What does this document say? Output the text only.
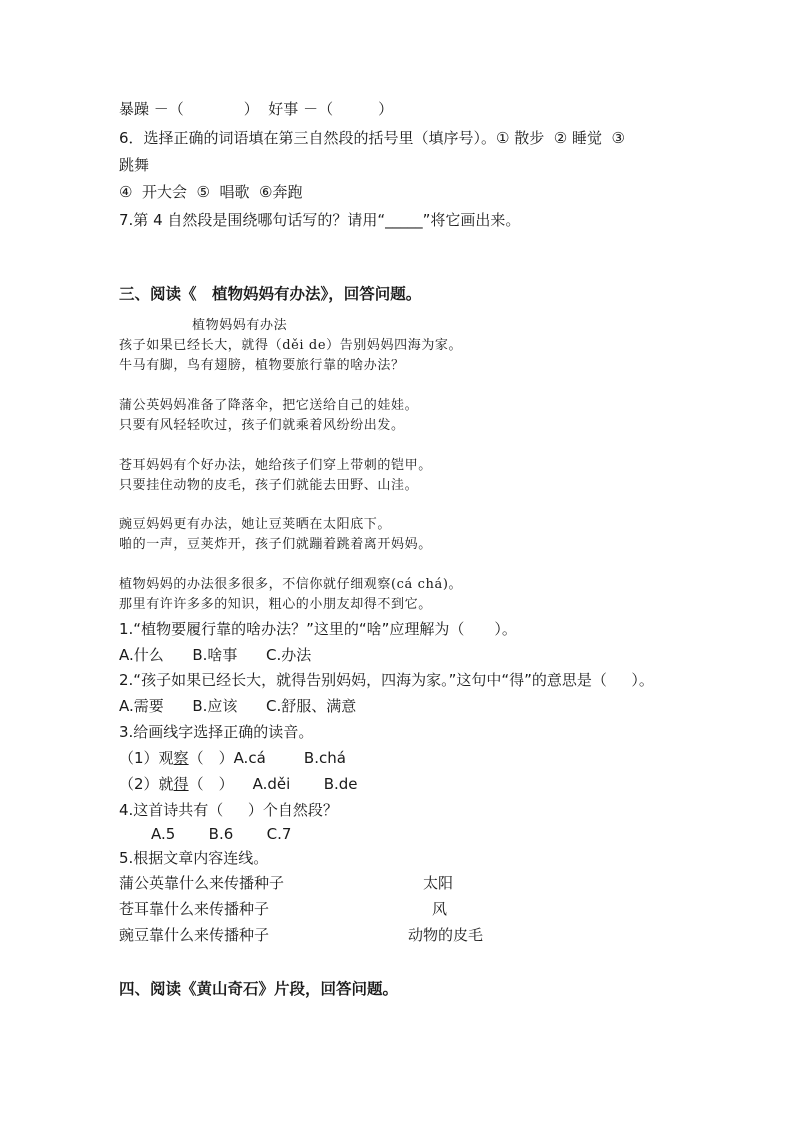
暴躁 －（　　　　）  好事 －（　　　）
6．选择正确的词语填在第三自然段的括号里（填序号）。① 散步  ② 睡觉  ③
跳舞
④  开大会  ⑤  唱歌  ⑥奔跑
7.第 4 自然段是围绕哪句话写的？请用“_____”将它画出来。
三、阅读《　植物妈妈有办法》，回答问题。
植物妈妈有办法
孩子如果已经长大，就得（děi de）告别妈妈四海为家。
牛马有脚，鸟有翅膀，植物要旅行靠的啥办法？
蒲公英妈妈准备了降落伞，把它送给自己的娃娃。
只要有风轻轻吹过，孩子们就乘着风纷纷出发。
苍耳妈妈有个好办法，她给孩子们穿上带刺的铠甲。
只要挂住动物的皮毛，孩子们就能去田野、山洼。
豌豆妈妈更有办法，她让豆荚晒在太阳底下。
啪的一声，豆荚炸开，孩子们就蹦着跳着离开妈妈。
植物妈妈的办法很多很多，不信你就仔细观察(cá chá)。
那里有许许多多的知识，粗心的小朋友却得不到它。
1.“植物要履行靠的啥办法？”这里的“啥”应理解为（　　）。
A.什么      B.啥事      C.办法
2.“孩子如果已经长大，就得告别妈妈，四海为家。”这句中“得”的意思是（　  ）。
A.需要      B.应该      C.舒服、满意
3.给画线字选择正确的读音。
（1）观察（　）A.cá        B.chá
（2）就得（　）    A.děi       B.de
4.这首诗共有（　  ）个自然段？
A.5       B.6       C.7
5.根据文章内容连线。
蒲公英靠什么来传播种子	太阳
苍耳靠什么来传播种子	风
豌豆靠什么来传播种子	动物的皮毛
四、阅读《黄山奇石》片段，回答问题。
